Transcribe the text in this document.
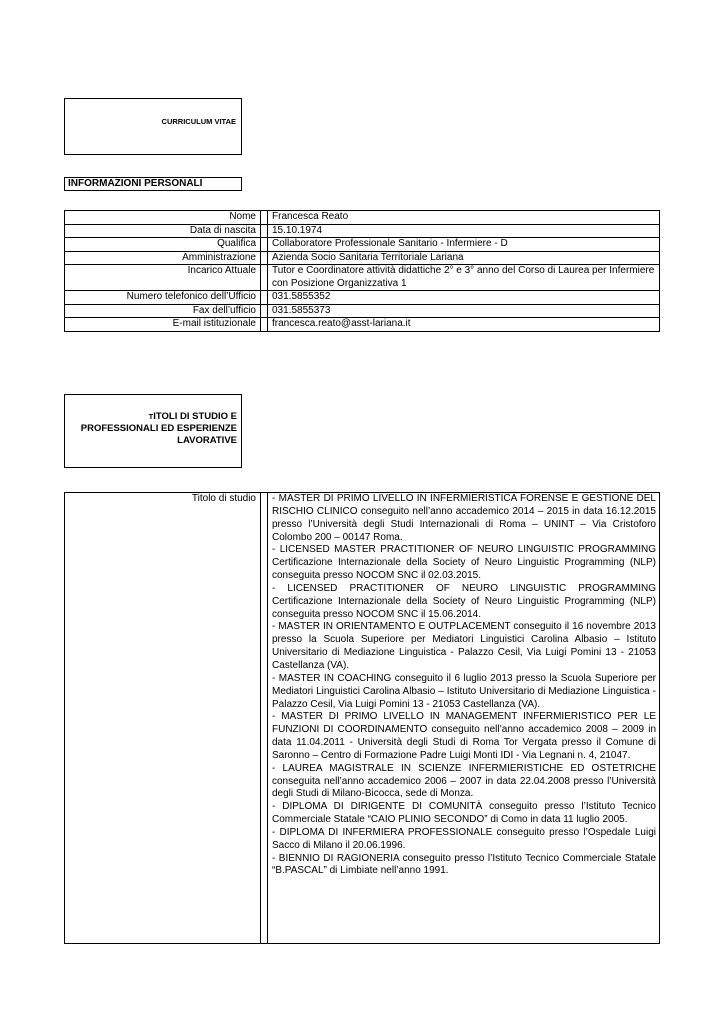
CURRICULUM VITAE
INFORMAZIONI PERSONALI
Nome		Francesca Reato
Data di nascita		15.10.1974
Qualifica		Collaboratore Professionale Sanitario - Infermiere - D
Amministrazione		Azienda Socio Sanitaria Territoriale Lariana
Incarico Attuale		Tutor e Coordinatore attività didattiche 2° e 3° anno del Corso di Laurea per Infermiere con Posizione Organizzativa 1
Numero telefonico dell’Ufficio		031.5855352
Fax dell’ufficio		031.5855373
E-mail istituzionale		francesca.reato@asst-lariana.it
TITOLI DI STUDIO E
PROFESSIONALI ED ESPERIENZE
LAVORATIVE
Titolo di studio		- MASTER DI PRIMO LIVELLO IN INFERMIERISTICA FORENSE E GESTIONE DEL RISCHIO CLINICO conseguito nell’anno accademico 2014 – 2015 in data 16.12.2015 presso l’Università degli Studi Internazionali di Roma – UNINT – Via Cristoforo Colombo 200 – 00147 Roma.
- LICENSED MASTER PRACTITIONER OF NEURO LINGUISTIC PROGRAMMING Certificazione Internazionale della Society of Neuro Linguistic Programming (NLP) conseguita presso NOCOM SNC il 02.03.2015.
- LICENSED PRACTITIONER OF NEURO LINGUISTIC PROGRAMMING Certificazione Internazionale della Society of Neuro Linguistic Programming (NLP) conseguita presso NOCOM SNC il 15.06.2014.
- MASTER IN ORIENTAMENTO E OUTPLACEMENT conseguito il 16 novembre 2013 presso la Scuola Superiore per Mediatori Linguistici Carolina Albasio – Istituto Universitario di Mediazione Linguistica - Palazzo Cesil, Via Luigi Pomini 13 - 21053 Castellanza (VA).
- MASTER IN COACHING conseguito il 6 luglio 2013 presso la Scuola Superiore per Mediatori Linguistici Carolina Albasio – Istituto Universitario di Mediazione Linguistica - Palazzo Cesil, Via Luigi Pomini 13 - 21053 Castellanza (VA).
- MASTER DI PRIMO LIVELLO IN MANAGEMENT INFERMIERISTICO PER LE FUNZIONI DI COORDINAMENTO conseguito nell’anno accademico 2008 – 2009 in data 11.04.2011 - Università degli Studi di Roma Tor Vergata presso il Comune di Saronno – Centro di Formazione Padre Luigi Monti IDI - Via Legnani n. 4, 21047.
- LAUREA MAGISTRALE IN SCIENZE INFERMIERISTICHE ED OSTETRICHE conseguita nell’anno accademico 2006 – 2007 in data 22.04.2008 presso l’Università degli Studi di Milano-Bicocca, sede di Monza.
- DIPLOMA DI DIRIGENTE DI COMUNITÀ conseguito presso l’Istituto Tecnico Commerciale Statale “CAIO PLINIO SECONDO” di Como in data 11 luglio 2005.
- DIPLOMA DI INFERMIERA PROFESSIONALE conseguito presso l’Ospedale Luigi Sacco di Milano il 20.06.1996.
- BIENNIO DI RAGIONERIA conseguito presso l’Istituto Tecnico Commerciale Statale “B.PASCAL” di Limbiate nell’anno 1991.
